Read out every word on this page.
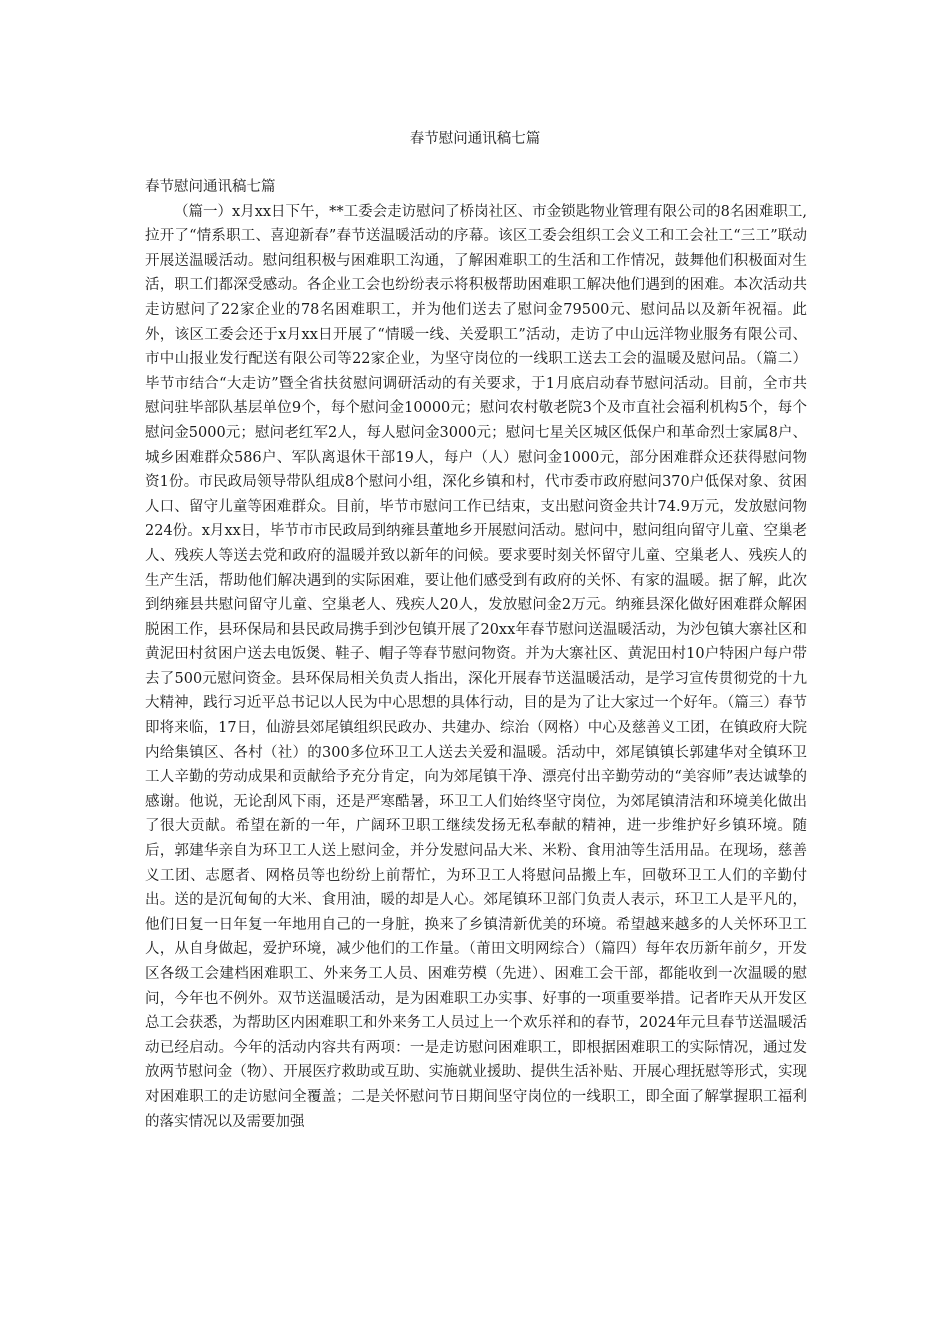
春节慰问通讯稿七篇

春节慰问通讯稿七篇

（篇一）x月xx日下午，**工委会走访慰问了桥岗社区、市金锁匙物业管理有限公司的8名困难职工,拉开了“情系职工、喜迎新春”春节送温暖活动的序幕。该区工委会组织工会义工和工会社工“三工”联动开展送温暖活动。慰问组积极与困难职工沟通，了解困难职工的生活和工作情况，鼓舞他们积极面对生活，职工们都深受感动。各企业工会也纷纷表示将积极帮助困难职工解决他们遇到的困难。本次活动共走访慰问了22家企业的78名困难职工，并为他们送去了慰问金79500元、慰问品以及新年祝福。此外，该区工委会还于x月xx日开展了“情暖一线、关爱职工”活动，走访了中山远洋物业服务有限公司、市中山报业发行配送有限公司等22家企业，为坚守岗位的一线职工送去工会的温暖及慰问品。（篇二）毕节市结合“大走访”暨全省扶贫慰问调研活动的有关要求，于1月底启动春节慰问活动。目前，全市共慰问驻毕部队基层单位9个，每个慰问金10000元；慰问农村敬老院3个及市直社会福利机构5个，每个慰问金5000元；慰问老红军2人，每人慰问金3000元；慰问七星关区城区低保户和革命烈士家属8户、城乡困难群众586户、军队离退休干部19人，每户（人）慰问金1000元，部分困难群众还获得慰问物资1份。市民政局领导带队组成8个慰问小组，深化乡镇和村，代市委市政府慰问370户低保对象、贫困人口、留守儿童等困难群众。目前，毕节市慰问工作已结束，支出慰问资金共计74.9万元，发放慰问物224份。x月xx日，毕节市市民政局到纳雍县董地乡开展慰问活动。慰问中，慰问组向留守儿童、空巢老人、残疾人等送去党和政府的温暖并致以新年的问候。要求要时刻关怀留守儿童、空巢老人、残疾人的生产生活，帮助他们解决遇到的实际困难，要让他们感受到有政府的关怀、有家的温暖。据了解，此次到纳雍县共慰问留守儿童、空巢老人、残疾人20人，发放慰问金2万元。纳雍县深化做好困难群众解困脱困工作，县环保局和县民政局携手到沙包镇开展了20xx年春节慰问送温暖活动，为沙包镇大寨社区和黄泥田村贫困户送去电饭煲、鞋子、帽子等春节慰问物资。并为大寨社区、黄泥田村10户特困户每户带去了500元慰问资金。县环保局相关负责人指出，深化开展春节送温暖活动，是学习宣传贯彻党的十九大精神，践行习近平总书记以人民为中心思想的具体行动，目的是为了让大家过一个好年。（篇三）春节即将来临，17日，仙游县郊尾镇组织民政办、共建办、综治（网格）中心及慈善义工团，在镇政府大院内给集镇区、各村（社）的300多位环卫工人送去关爱和温暖。活动中，郊尾镇镇长郭建华对全镇环卫工人辛勤的劳动成果和贡献给予充分肯定，向为郊尾镇干净、漂亮付出辛勤劳动的“美容师”表达诚挚的感谢。他说，无论刮风下雨，还是严寒酷暑，环卫工人们始终坚守岗位，为郊尾镇清洁和环境美化做出了很大贡献。希望在新的一年，广阔环卫职工继续发扬无私奉献的精神，进一步维护好乡镇环境。随后，郭建华亲自为环卫工人送上慰问金，并分发慰问品大米、米粉、食用油等生活用品。在现场，慈善义工团、志愿者、网格员等也纷纷上前帮忙，为环卫工人将慰问品搬上车，回敬环卫工人们的辛勤付出。送的是沉甸甸的大米、食用油，暖的却是人心。郊尾镇环卫部门负责人表示，环卫工人是平凡的，他们日复一日年复一年地用自己的一身脏，换来了乡镇清新优美的环境。希望越来越多的人关怀环卫工人，从自身做起，爱护环境，减少他们的工作量。（莆田文明网综合）（篇四）每年农历新年前夕，开发区各级工会建档困难职工、外来务工人员、困难劳模（先进）、困难工会干部，都能收到一次温暖的慰问，今年也不例外。双节送温暖活动，是为困难职工办实事、好事的一项重要举措。记者昨天从开发区总工会获悉，为帮助区内困难职工和外来务工人员过上一个欢乐祥和的春节，2024年元旦春节送温暖活动已经启动。今年的活动内容共有两项：一是走访慰问困难职工，即根据困难职工的实际情况，通过发放两节慰问金（物）、开展医疗救助或互助、实施就业援助、提供生活补贴、开展心理抚慰等形式，实现对困难职工的走访慰问全覆盖；二是关怀慰问节日期间坚守岗位的一线职工，即全面了解掌握职工福利的落实情况以及需要加强
